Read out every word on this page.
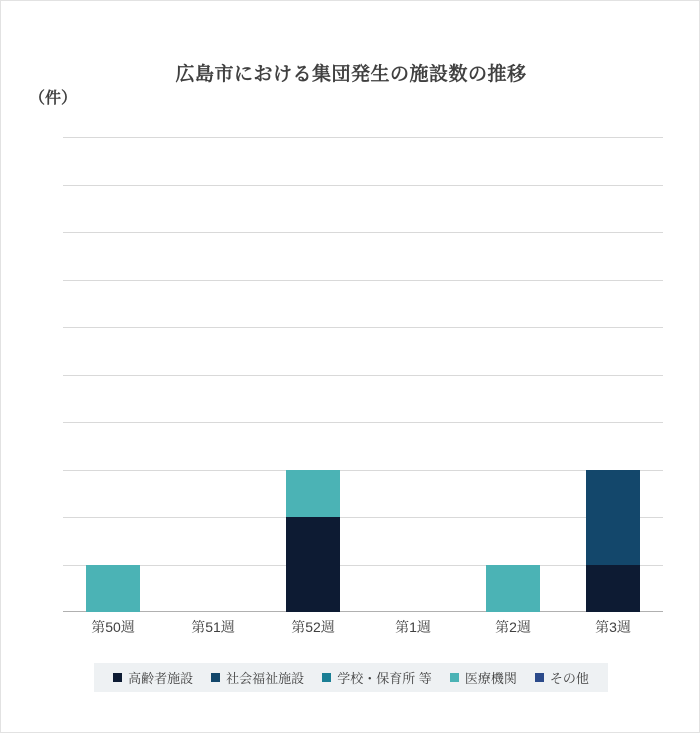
広島市における集団発生の施設数の推移
（件）
第50週	第51週	第52週	第1週	第2週	第3週
高齢者施設	社会福祉施設	学校・保育所 等	医療機関	その他
